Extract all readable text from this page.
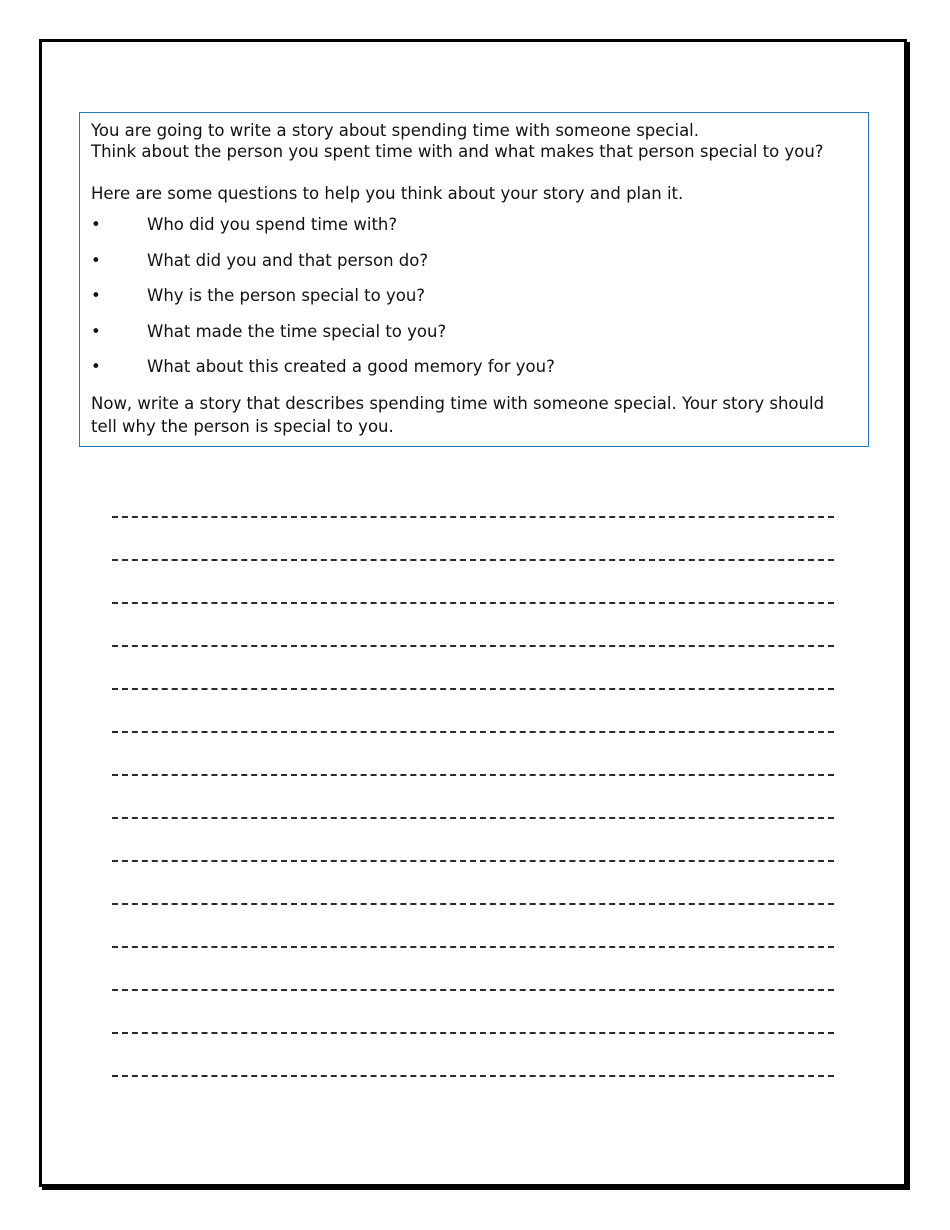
You are going to write a story about spending time with someone special.

Think about the person you spent time with and what makes that person special to you?

Here are some questions to help you think about your story and plan it.

•	Who did you spend time with?
•	What did you and that person do?
•	Why is the person special to you?
•	What made the time special to you?
•	What about this created a good memory for you?

Now, write a story that describes spending time with someone special. Your story should tell why the person is special to you.
